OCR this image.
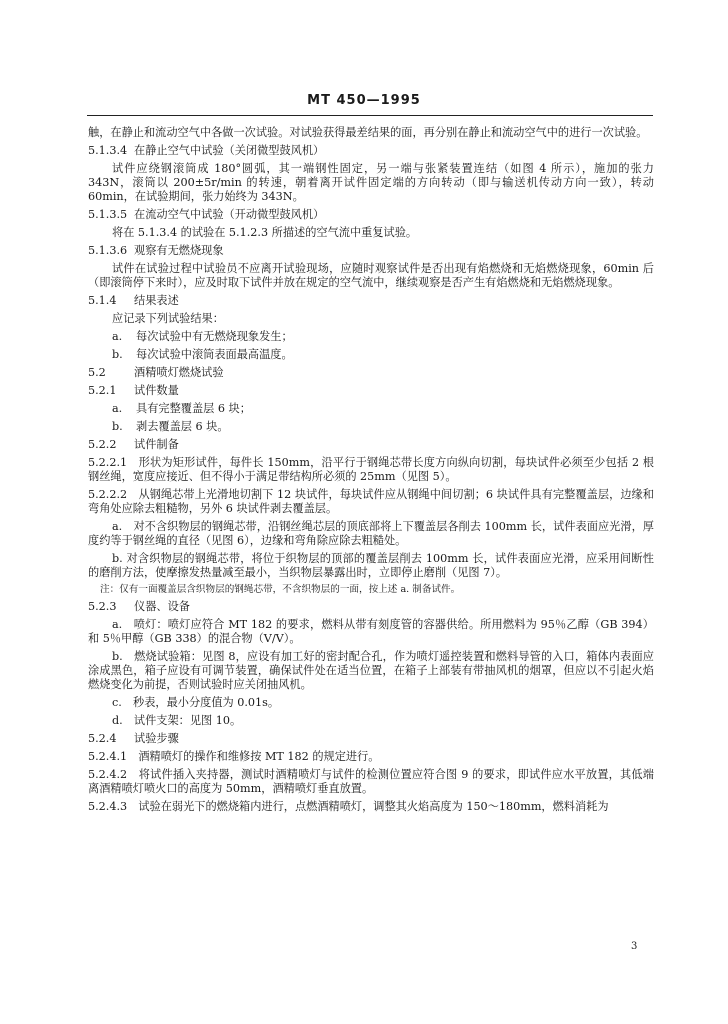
MT 450—1995

触，在静止和流动空气中各做一次试验。对试验获得最差结果的面，再分别在静止和流动空气中的进行一次试验。

5.1.3.4 在静止空气中试验（关闭微型鼓风机）

试件应绕钢滚筒成 180°圆弧，其一端钢性固定，另一端与张紧装置连结（如图 4 所示），施加的张力 343N，滚筒以 200±5r/min 的转速，朝着离开试件固定端的方向转动（即与输送机传动方向一致），转动 60min，在试验期间，张力始终为 343N。

5.1.3.5 在流动空气中试验（开动微型鼓风机）

将在 5.1.3.4 的试验在 5.1.2.3 所描述的空气流中重复试验。

5.1.3.6 观察有无燃烧现象

试件在试验过程中试验员不应离开试验现场，应随时观察试件是否出现有焰燃烧和无焰燃烧现象，60min 后（即滚筒停下来时），应及时取下试件并放在规定的空气流中，继续观察是否产生有焰燃烧和无焰燃烧现象。

5.1.4 结果表述

应记录下列试验结果：

a. 每次试验中有无燃烧现象发生；

b. 每次试验中滚筒表面最高温度。

5.2	酒精喷灯燃烧试验
5.2.1 试件数量

a. 具有完整覆盖层 6 块；

b. 剥去覆盖层 6 块。

5.2.2 试件制备

5.2.2.1　形状为矩形试件，每件长 150mm，沿平行于钢绳芯带长度方向纵向切割，每块试件必须至少包括 2 根钢丝绳，宽度应接近、但不得小于满足带结构所必须的 25mm（见图 5）。

5.2.2.2　从钢绳芯带上光滑地切割下 12 块试件，每块试件应从钢绳中间切割；6 块试件具有完整覆盖层，边缘和弯角处应除去粗糙物，另外 6 块试件剥去覆盖层。

a.　对不含织物层的钢绳芯带，沿钢丝绳芯层的顶底部将上下覆盖层各削去 100mm 长，试件表面应光滑，厚度约等于钢丝绳的直径（见图 6），边缘和弯角除应除去粗糙处。

b. 对含织物层的钢绳芯带，将位于织物层的顶部的覆盖层削去 100mm 长，试件表面应光滑，应采用间断性的磨削方法，使摩擦发热量减至最小，当织物层暴露出时，立即停止磨削（见图 7）。

注：仅有一面覆盖层含织物层的钢绳芯带，不含织物层的一面，按上述 a. 制备试件。

5.2.3 仪器、设备

a.　喷灯：喷灯应符合 MT 182 的要求，燃料从带有刻度管的容器供给。所用燃料为 95％乙醇（GB 394）和 5％甲醇（GB 338）的混合物（V/V）。

b.　燃烧试验箱：见图 8，应设有加工好的密封配合孔，作为喷灯遥控装置和燃料导管的入口，箱体内表面应涂成黑色，箱子应设有可调节装置，确保试件处在适当位置，在箱子上部装有带抽风机的烟罩，但应以不引起火焰燃烧变化为前提，否则试验时应关闭抽风机。

c.　秒表，最小分度值为 0.01s。

d.　试件支架：见图 10。

5.2.4 试验步骤

5.2.4.1　酒精喷灯的操作和维修按 MT 182 的规定进行。

5.2.4.2　将试件插入夹持器，测试时酒精喷灯与试件的检测位置应符合图 9 的要求，即试件应水平放置，其低端离酒精喷灯喷火口的高度为 50mm，酒精喷灯垂直放置。

5.2.4.3　试验在弱光下的燃烧箱内进行，点燃酒精喷灯，调整其火焰高度为 150～180mm，燃料消耗为

3
